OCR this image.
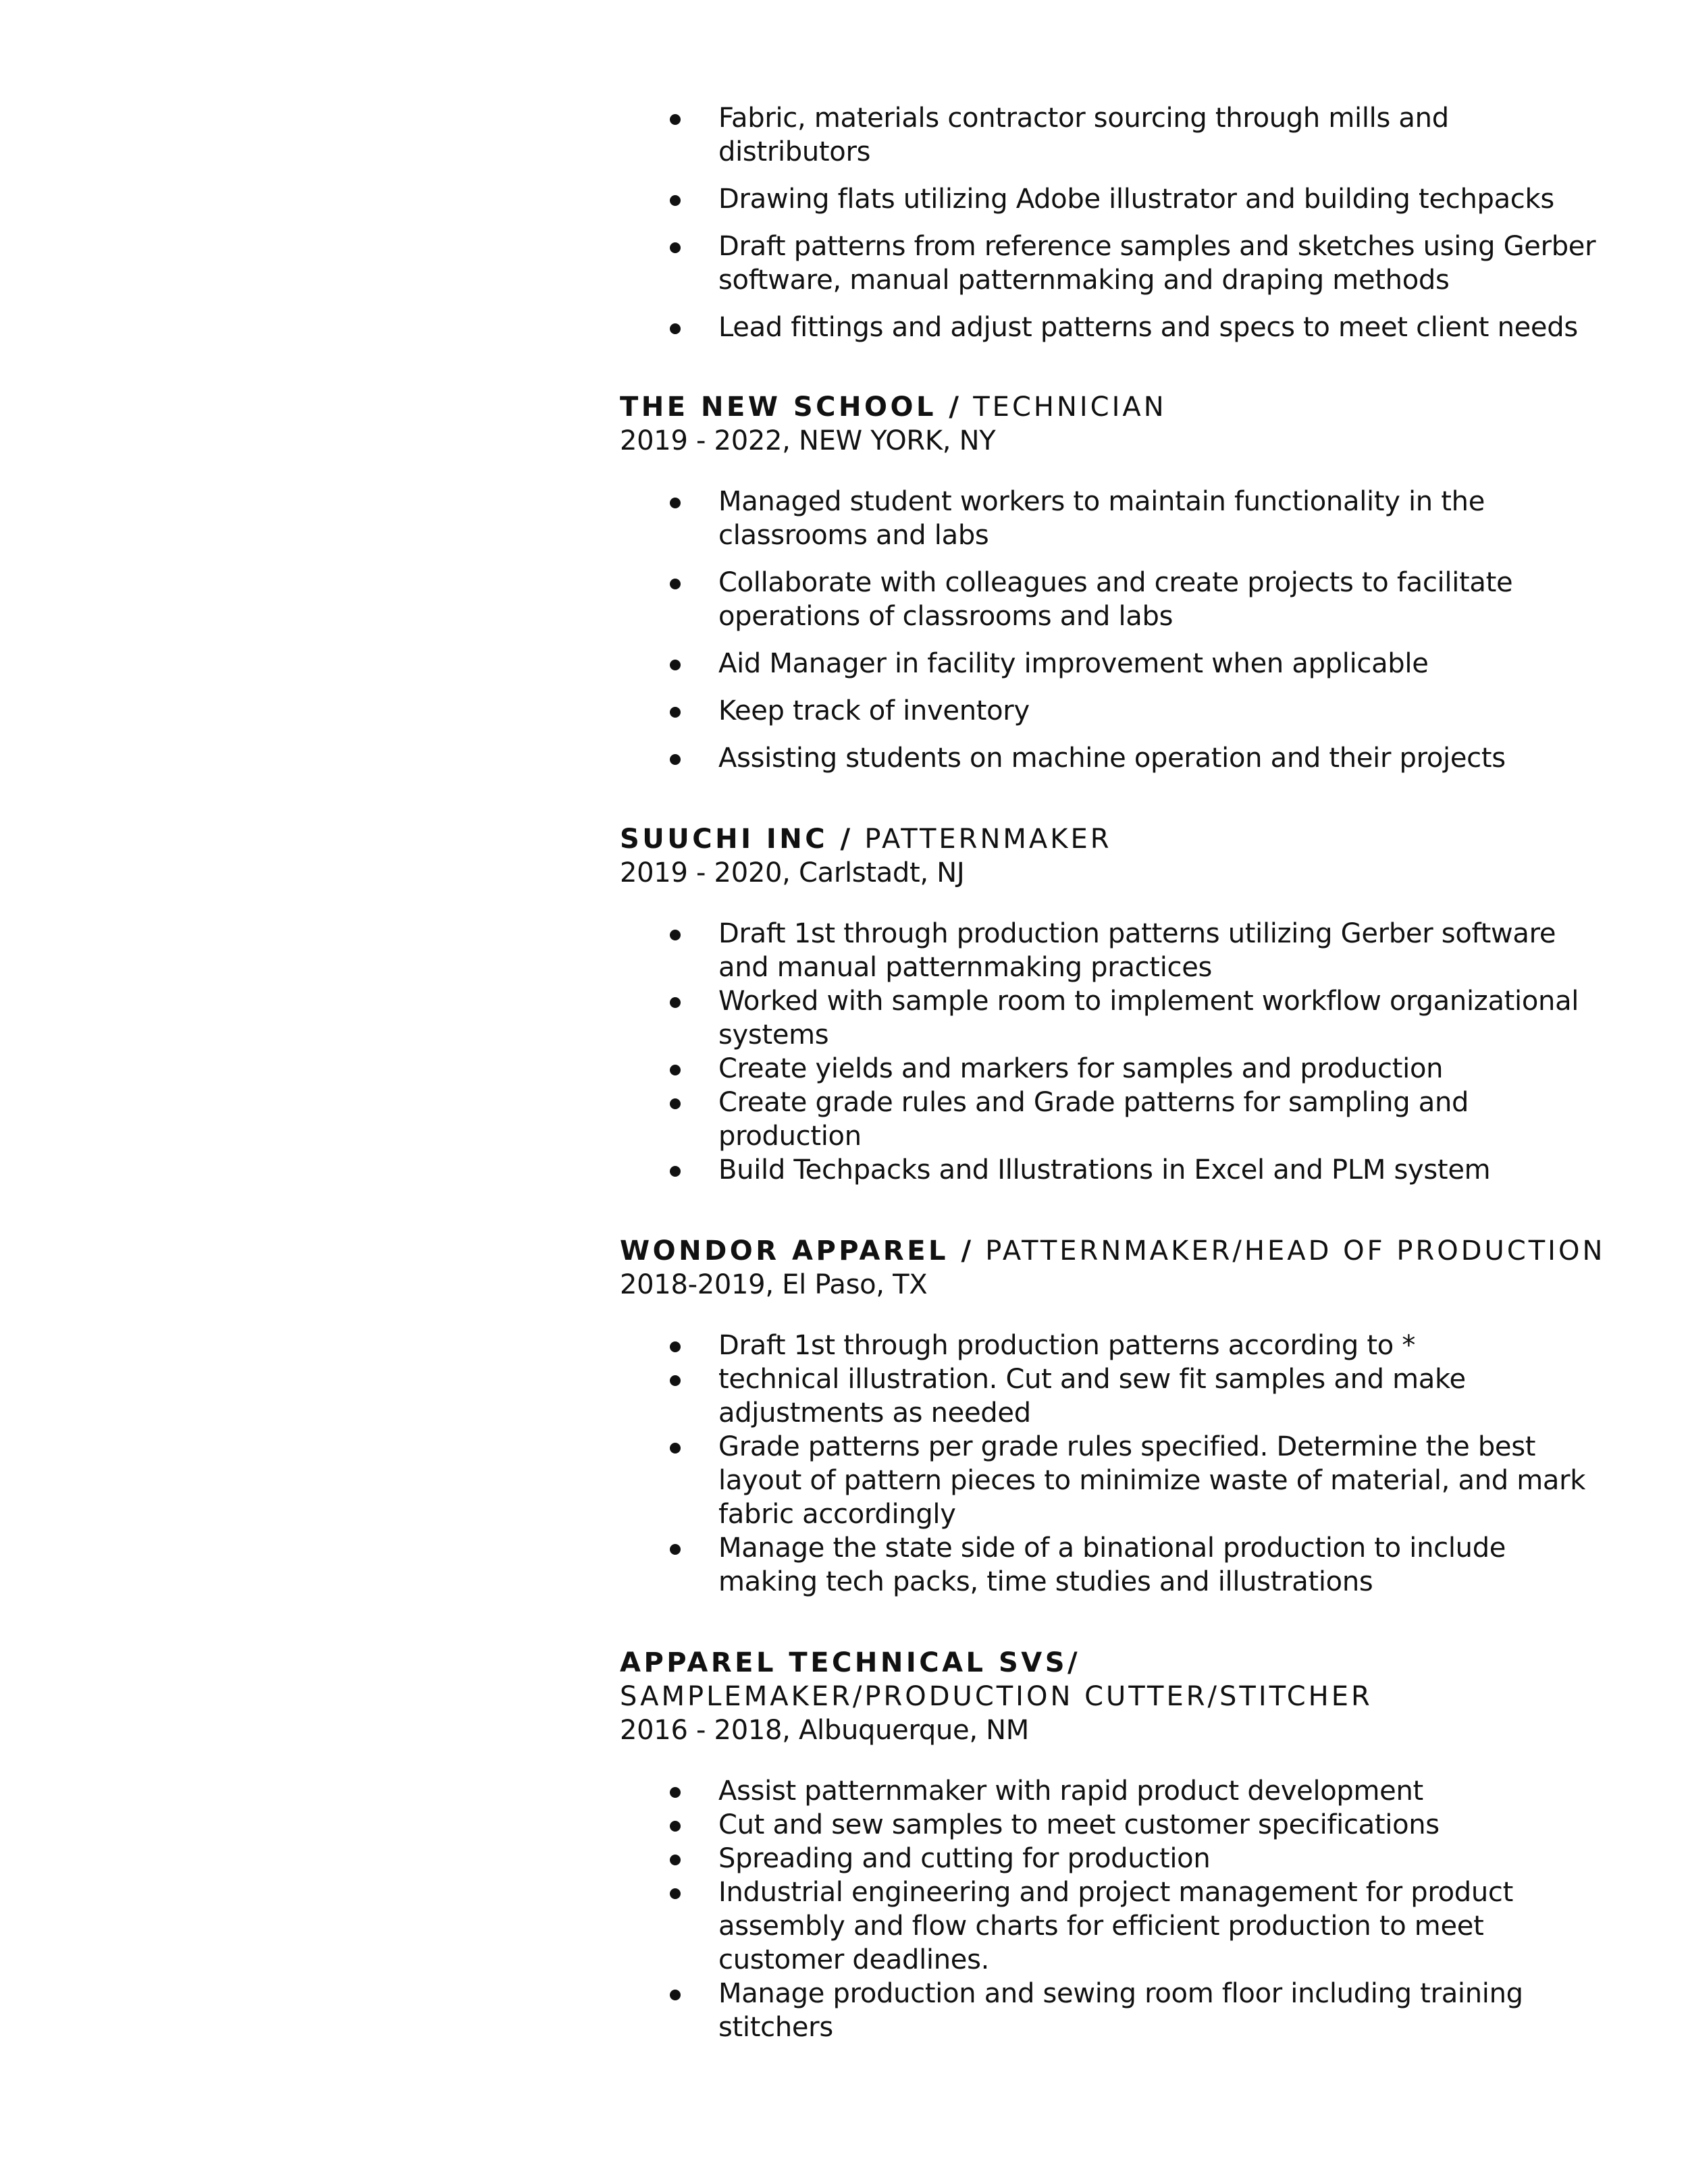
Fabric, materials contractor sourcing through mills and distributors
Drawing flats utilizing Adobe illustrator and building techpacks
Draft patterns from reference samples and sketches using Gerber software, manual patternmaking and draping methods
Lead fittings and adjust patterns and specs to meet client needs
THE NEW SCHOOL / TECHNICIAN
2019 - 2022, NEW YORK, NY
Managed student workers to maintain functionality in the classrooms and labs
Collaborate with colleagues and create projects to facilitate operations of classrooms and labs
Aid Manager in facility improvement when applicable
Keep track of inventory
Assisting students on machine operation and their projects
SUUCHI INC / PATTERNMAKER
2019 - 2020, Carlstadt, NJ
Draft 1st through production patterns utilizing Gerber software and manual patternmaking practices
Worked with sample room to implement workflow organizational systems
Create yields and markers for samples and production
Create grade rules and Grade patterns for sampling and production
Build Techpacks and Illustrations in Excel and PLM system
WONDOR APPAREL / PATTERNMAKER/HEAD OF PRODUCTION
2018-2019, El Paso, TX
Draft 1st through production patterns according to *
technical illustration. Cut and sew fit samples and make adjustments as needed
Grade patterns per grade rules specified. Determine the best layout of pattern pieces to minimize waste of material, and mark fabric accordingly
Manage the state side of a binational production to include making tech packs, time studies and illustrations
APPAREL TECHNICAL SVS/ SAMPLEMAKER/PRODUCTION CUTTER/STITCHER
2016 - 2018, Albuquerque, NM
Assist patternmaker with rapid product development
Cut and sew samples to meet customer specifications
Spreading and cutting for production
Industrial engineering and project management for product assembly and flow charts for efficient production to meet customer deadlines.
Manage production and sewing room floor including training stitchers
